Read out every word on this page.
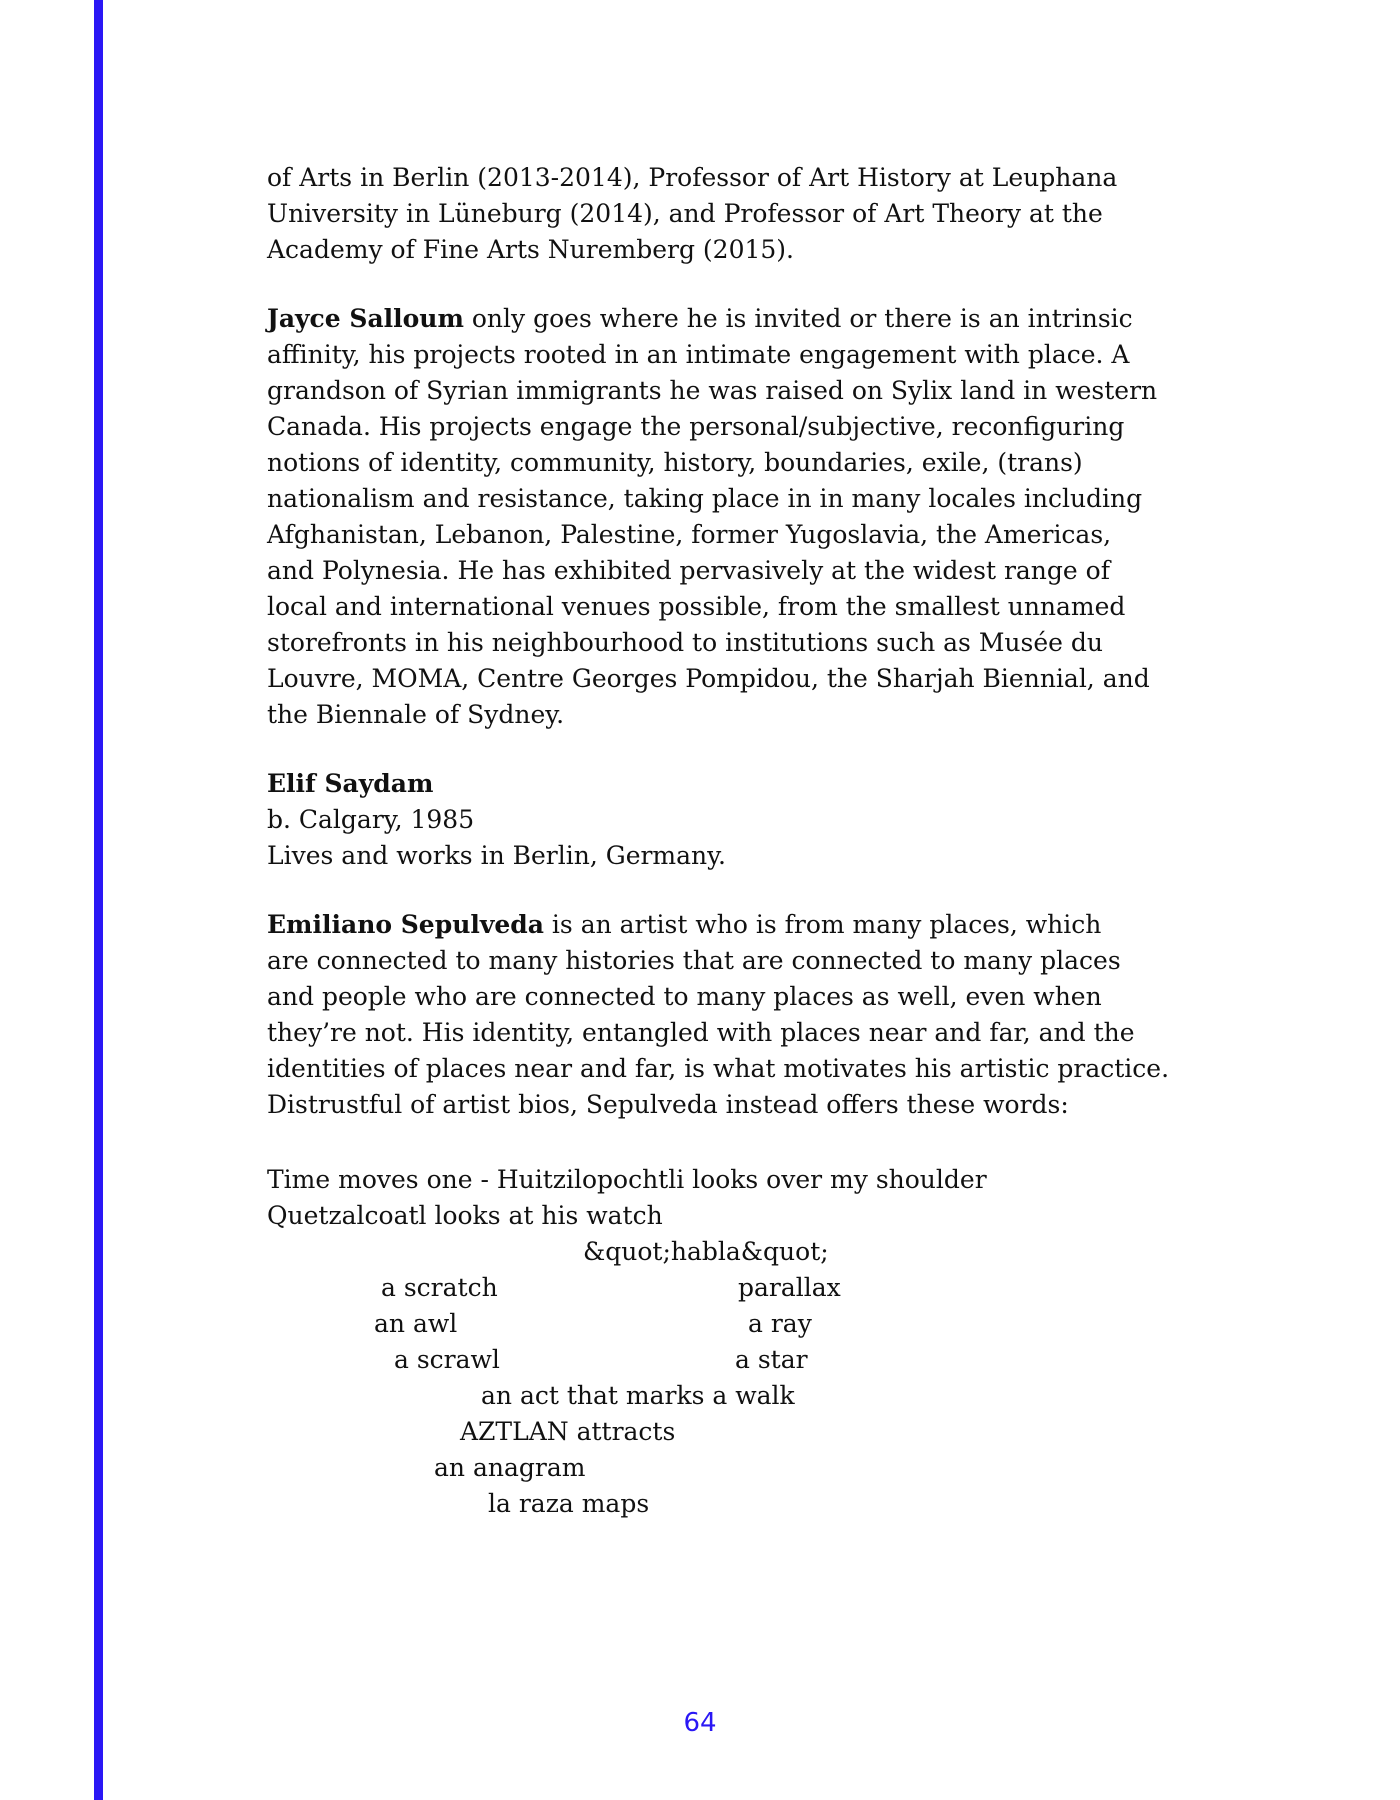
of Arts in Berlin (2013-2014), Professor of Art History at Leuphana
University in Lüneburg (2014), and Professor of Art Theory at the
Academy of Fine Arts Nuremberg (2015).

Jayce Salloum only goes where he is invited or there is an intrinsic
affinity, his projects rooted in an intimate engagement with place. A
grandson of Syrian immigrants he was raised on Sylix land in western
Canada. His projects engage the personal/subjective, reconfiguring
notions of identity, community, history, boundaries, exile, (trans)
nationalism and resistance, taking place in in many locales including
Afghanistan, Lebanon, Palestine, former Yugoslavia, the Americas,
and Polynesia. He has exhibited pervasively at the widest range of
local and international venues possible, from the smallest unnamed
storefronts in his neighbourhood to institutions such as Musée du
Louvre, MOMA, Centre Georges Pompidou, the Sharjah Biennial, and
the Biennale of Sydney.

Elif Saydam
b. Calgary, 1985
Lives and works in Berlin, Germany.

Emiliano Sepulveda is an artist who is from many places, which
are connected to many histories that are connected to many places
and people who are connected to many places as well, even when
they’re not. His identity, entangled with places near and far, and the
identities of places near and far, is what motivates his artistic practice.
Distrustful of artist bios, Sepulveda instead offers these words:

Time moves one - Huitzilopochtli looks over my shoulder
Quetzalcoatl looks at his watch
&quot;habla&quot;
a scratch	parallax
an awl	a ray
a scrawl	a star
an act that marks a walk
AZTLAN attracts
an anagram
la raza maps
64
